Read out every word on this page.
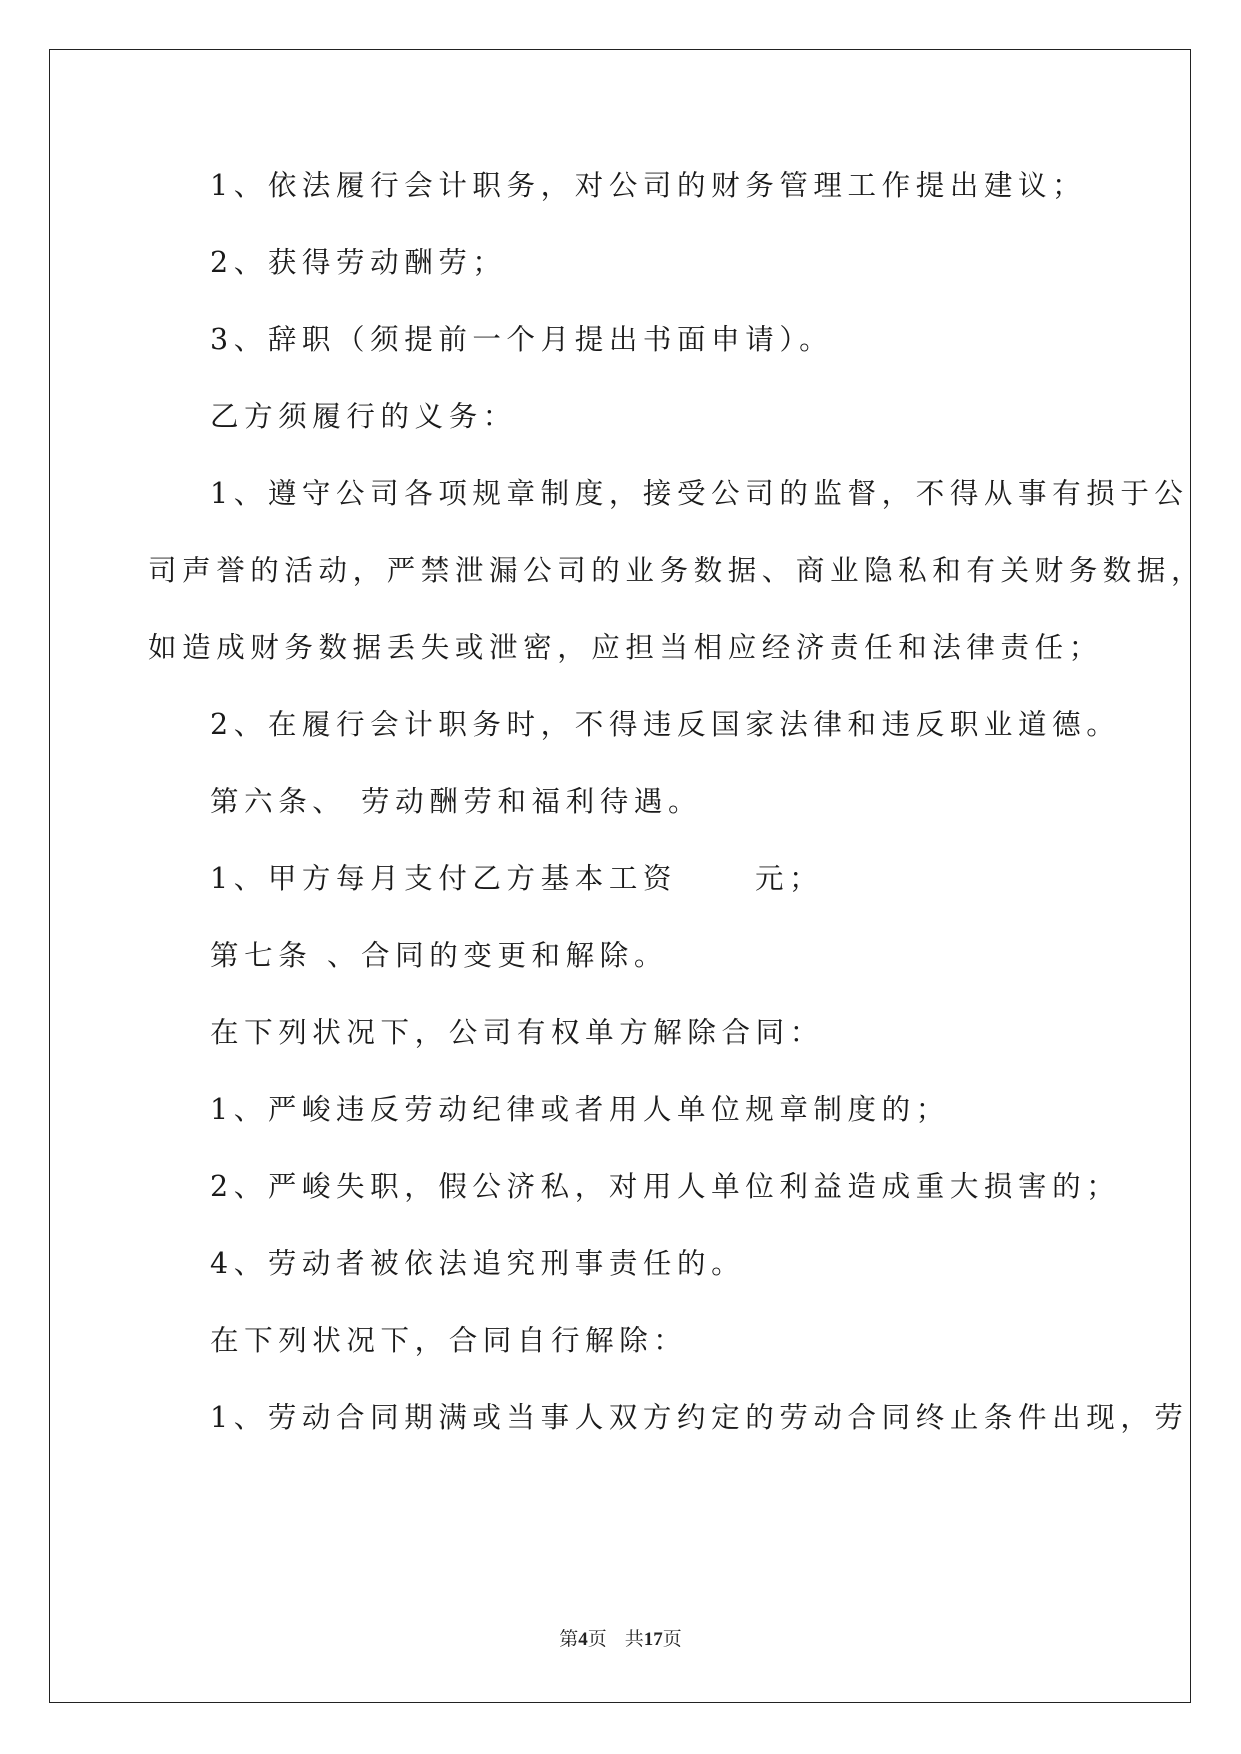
1、依法履行会计职务，对公司的财务管理工作提出建议；
2、获得劳动酬劳；
3、辞职（须提前一个月提出书面申请）。
乙方须履行的义务：
1、遵守公司各项规章制度，接受公司的监督，不得从事有损于公
司声誉的活动，严禁泄漏公司的业务数据、商业隐私和有关财务数据，
如造成财务数据丢失或泄密，应担当相应经济责任和法律责任；
2、在履行会计职务时，不得违反国家法律和违反职业道德。
第六条、 劳动酬劳和福利待遇。
1、甲方每月支付乙方基本工资	元；
第七条 、合同的变更和解除。
在下列状况下，公司有权单方解除合同：
1、严峻违反劳动纪律或者用人单位规章制度的；
2、严峻失职，假公济私，对用人单位利益造成重大损害的；
4、劳动者被依法追究刑事责任的。
在下列状况下，合同自行解除：
1、劳动合同期满或当事人双方约定的劳动合同终止条件出现，劳
第4页 共17页
